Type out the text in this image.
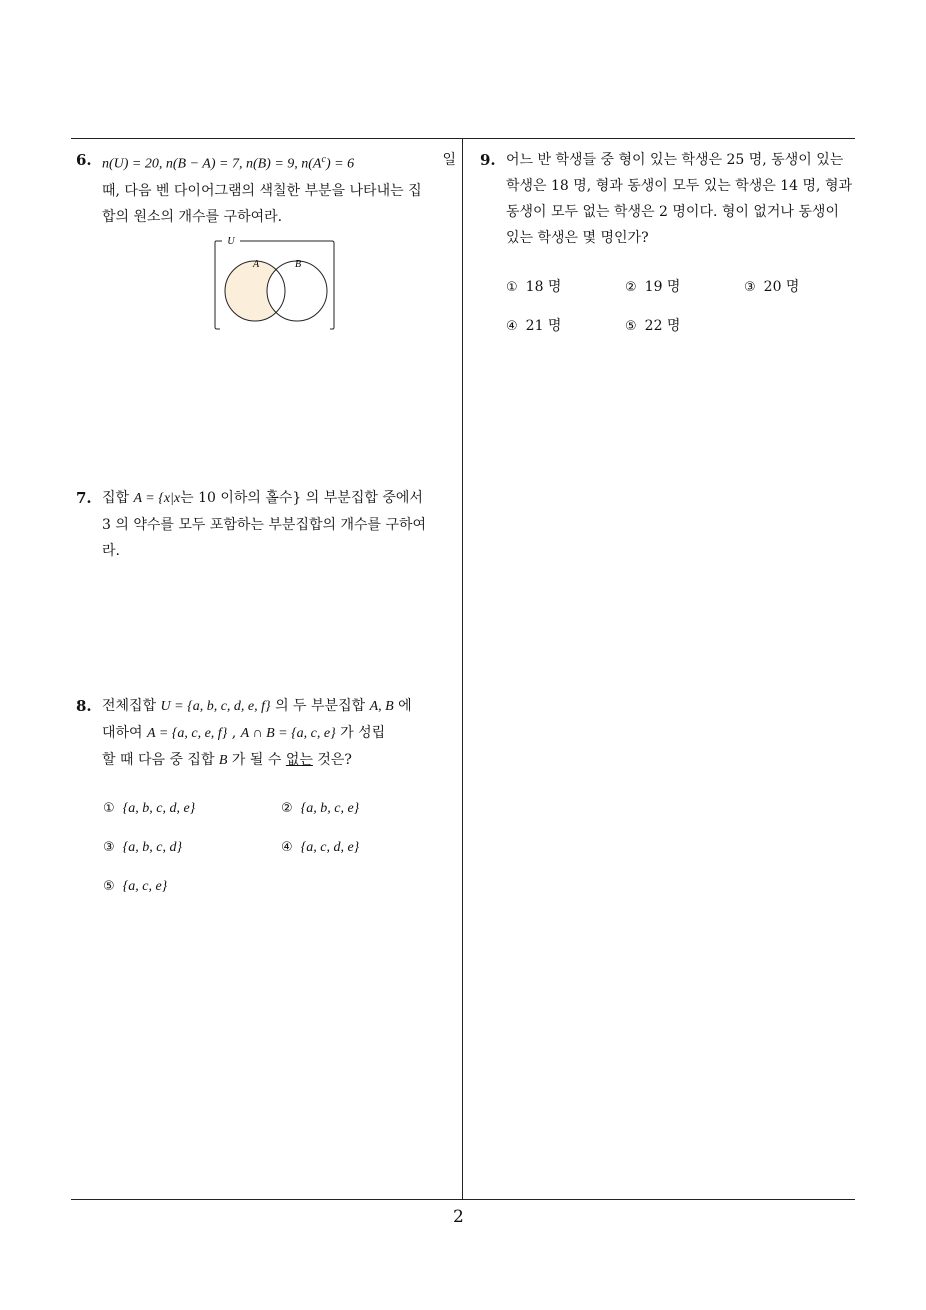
6. n(U) = 20, n(B − A) = 7, n(B) = 9, $n(A^c) = 6$	일
때, 다음 벤 다이어그램의 색칠한 부분을 나타내는 집
합의 원소의 개수를 구하여라.
U
A	B
7. 집합 A = {x|x는 10 이하의 홀수} 의 부분집합 중에서
3 의 약수를 모두 포함하는 부분집합의 개수를 구하여
라.
8. 전체집합 U = {a, b, c, d, e, f} 의 두 부분집합 A, B 에
대하여 A = {a, c, e, f} , A ∩ B = {a, c, e} 가 성립
할 때 다음 중 집합 B 가 될 수 없는 것은?
① {a, b, c, d, e}	② {a, b, c, e}
③ {a, b, c, d}	④ {a, c, d, e}
⑤ {a, c, e}
9. 어느 반 학생들 중 형이 있는 학생은 25 명, 동생이 있는
학생은 18 명, 형과 동생이 모두 있는 학생은 14 명, 형과
동생이 모두 없는 학생은 2 명이다. 형이 없거나 동생이
있는 학생은 몇 명인가?
① 18 명	② 19 명	③ 20 명
④ 21 명	⑤ 22 명
2
